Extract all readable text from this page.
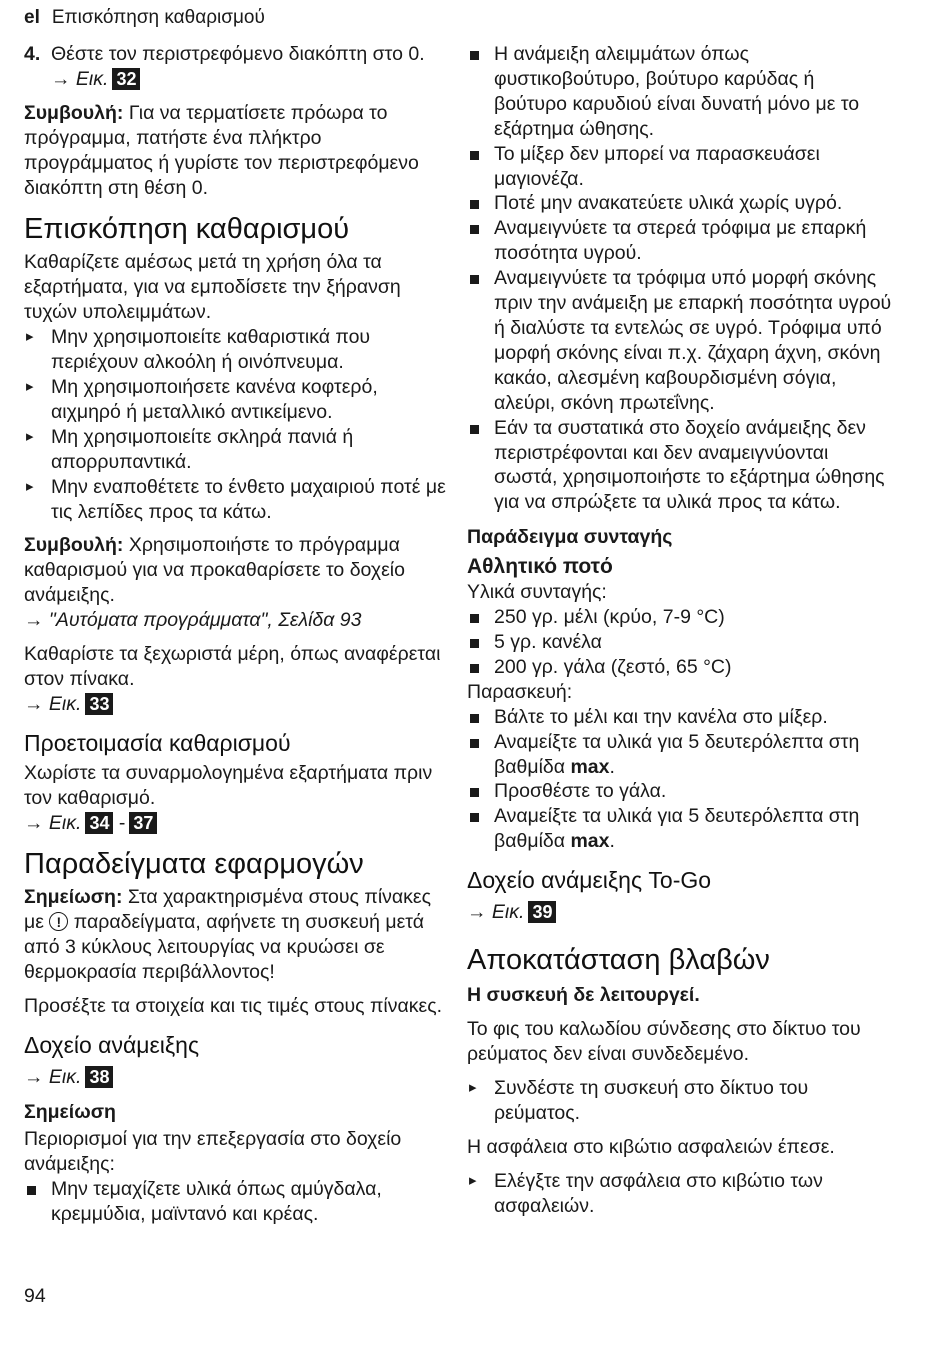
el Επισκόπηση καθαρισμού
4. Θέστε τον περιστρεφόμενο διακόπτη στο 0.

→ Εικ. 32

Συμβουλή: Για να τερματίσετε πρόωρα το πρόγραμμα, πατήστε ένα πλήκτρο προγράμματος ή γυρίστε τον περιστρεφόμενο διακόπτη στη θέση 0.

Επισκόπηση καθαρισμού

Καθαρίζετε αμέσως μετά τη χρήση όλα τα εξαρτήματα, για να εμποδίσετε την ξήρανση τυχών υπολειμμάτων.

▸ Μην χρησιμοποιείτε καθαριστικά που περιέχουν αλκοόλη ή οινόπνευμα.
▸ Μη χρησιμοποιήσετε κανένα κοφτερό, αιχμηρό ή μεταλλικό αντικείμενο.
▸ Μη χρησιμοποιείτε σκληρά πανιά ή απορρυπαντικά.
▸ Μην εναποθέτετε το ένθετο μαχαιριού ποτέ με τις λεπίδες προς τα κάτω.

Συμβουλή: Χρησιμοποιήστε το πρόγραμμα καθαρισμού για να προκαθαρίσετε το δοχείο ανάμειξης.

→ "Αυτόματα προγράμματα", Σελίδα 93

Καθαρίστε τα ξεχωριστά μέρη, όπως αναφέρεται στον πίνακα.

→ Εικ. 33

Προετοιμασία καθαρισμού

Χωρίστε τα συναρμολογημένα εξαρτήματα πριν τον καθαρισμό.

→ Εικ. 34 - 37

Παραδείγματα εφαρμογών

Σημείωση: Στα χαρακτηρισμένα στους πίνακες με ! παραδείγματα, αφήνετε τη συσκευή μετά από 3 κύκλους λειτουργίας να κρυώσει σε θερμοκρασία περιβάλλοντος!

Προσέξτε τα στοιχεία και τις τιμές στους πίνακες.

Δοχείο ανάμειξης

→ Εικ. 38

Σημείωση

Περιορισμοί για την επεξεργασία στο δοχείο ανάμειξης:

Μην τεμαχίζετε υλικά όπως αμύγδαλα, κρεμμύδια, μαϊντανό και κρέας.
Η ανάμειξη αλειμμάτων όπως φυστικοβούτυρο, βούτυρο καρύδας ή βούτυρο καρυδιού είναι δυνατή μόνο με το εξάρτημα ώθησης.
Το μίξερ δεν μπορεί να παρασκευάσει μαγιονέζα.
Ποτέ μην ανακατεύετε υλικά χωρίς υγρό.
Αναμειγνύετε τα στερεά τρόφιμα με επαρκή ποσότητα υγρού.
Αναμειγνύετε τα τρόφιμα υπό μορφή σκόνης πριν την ανάμειξη με επαρκή ποσότητα υγρού ή διαλύστε τα εντελώς σε υγρό. Τρόφιμα υπό μορφή σκόνης είναι π.χ. ζάχαρη άχνη, σκόνη κακάο, αλεσμένη καβουρδισμένη σόγια, αλεύρι, σκόνη πρωτεΐνης.
Εάν τα συστατικά στο δοχείο ανάμειξης δεν περιστρέφονται και δεν αναμειγνύονται σωστά, χρησιμοποιήστε το εξάρτημα ώθησης για να σπρώξετε τα υλικά προς τα κάτω.
Παράδειγμα συνταγής
Αθλητικό ποτό

Υλικά συνταγής:

250 γρ. μέλι (κρύο, 7-9 °C)
5 γρ. κανέλα
200 γρ. γάλα (ζεστό, 65 °C)

Παρασκευή:

Βάλτε το μέλι και την κανέλα στο μίξερ.
Αναμείξτε τα υλικά για 5 δευτερόλεπτα στη βαθμίδα max.
Προσθέστε το γάλα.
Αναμείξτε τα υλικά για 5 δευτερόλεπτα στη βαθμίδα max.
Δοχείο ανάμειξης To-Go

→ Εικ. 39

Αποκατάσταση βλαβών
Η συσκευή δε λειτουργεί.

Το φις του καλωδίου σύνδεσης στο δίκτυο του ρεύματος δεν είναι συνδεδεμένο.

▸ Συνδέστε τη συσκευή στο δίκτυο του ρεύματος.

Η ασφάλεια στο κιβώτιο ασφαλειών έπεσε.

▸ Ελέγξτε την ασφάλεια στο κιβώτιο των ασφαλειών.
94
